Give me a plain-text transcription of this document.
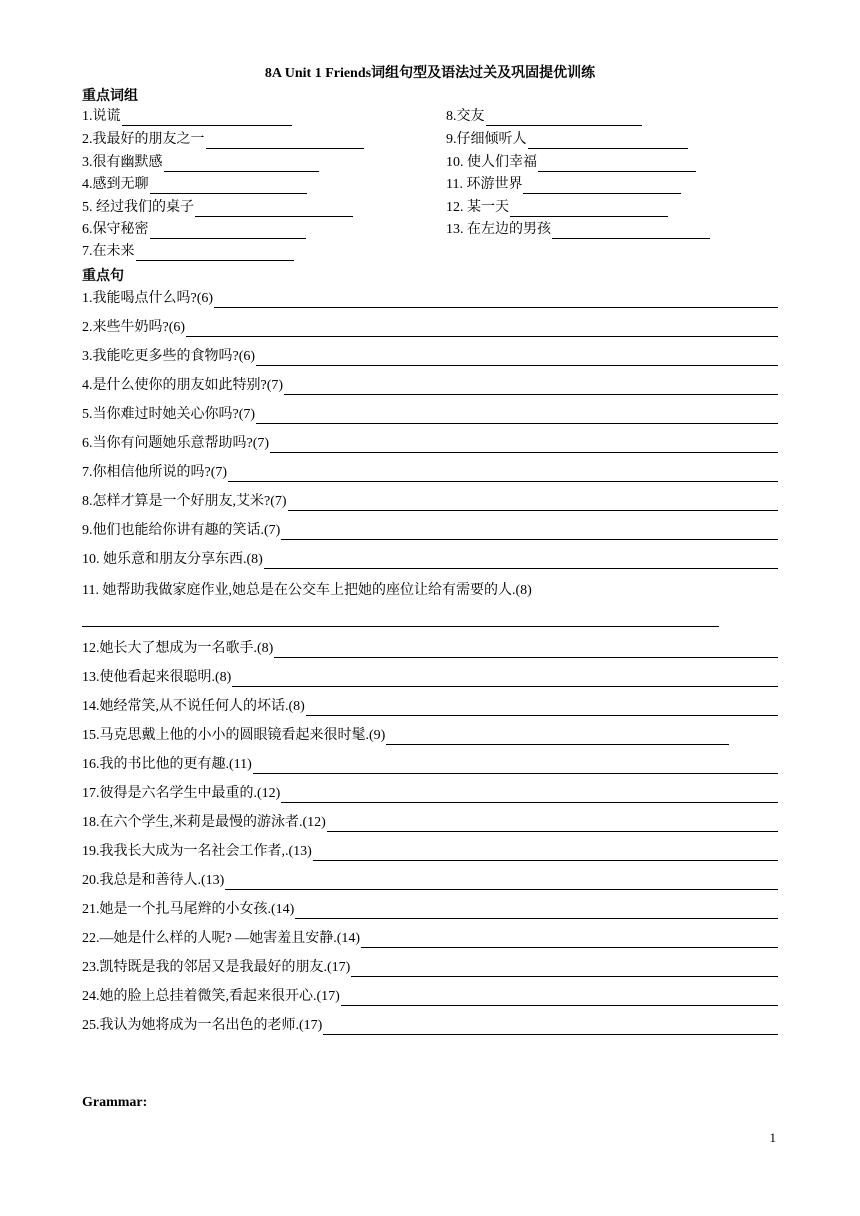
8A Unit 1 Friends词组句型及语法过关及巩固提优训练
重点词组
1.说谎
2.我最好的朋友之一
3.很有幽默感
4.感到无聊
5. 经过我们的桌子
6.保守秘密
7.在未来
8.交友
9.仔细倾听人
10. 使人们幸福
11. 环游世界
12. 某一天
13. 在左边的男孩
重点句
1.我能喝点什么吗?(6)
2.来些牛奶吗?(6)
3.我能吃更多些的食物吗?(6)
4.是什么使你的朋友如此特别?(7)
5.当你难过时她关心你吗?(7)
6.当你有问题她乐意帮助吗?(7)
7.你相信他所说的吗?(7)
8.怎样才算是一个好朋友,艾米?(7)
9.他们也能给你讲有趣的笑话.(7)
10. 她乐意和朋友分享东西.(8)
11. 她帮助我做家庭作业,她总是在公交车上把她的座位让给有需要的人.(8)
12.她长大了想成为一名歌手.(8)
13.使他看起来很聪明.(8)
14.她经常笑,从不说任何人的坏话.(8)
15.马克思戴上他的小小的圆眼镜看起来很时髦.(9)
16.我的书比他的更有趣.(11)
17.彼得是六名学生中最重的.(12)
18.在六个学生,米莉是最慢的游泳者.(12)
19.我我长大成为一名社会工作者,.(13)
20.我总是和善待人.(13)
21.她是一个扎马尾辫的小女孩.(14)
22.—她是什么样的人呢? —她害羞且安静.(14)
23.凯特既是我的邻居又是我最好的朋友.(17)
24.她的脸上总挂着微笑,看起来很开心.(17)
25.我认为她将成为一名出色的老师.(17)
Grammar:
1
